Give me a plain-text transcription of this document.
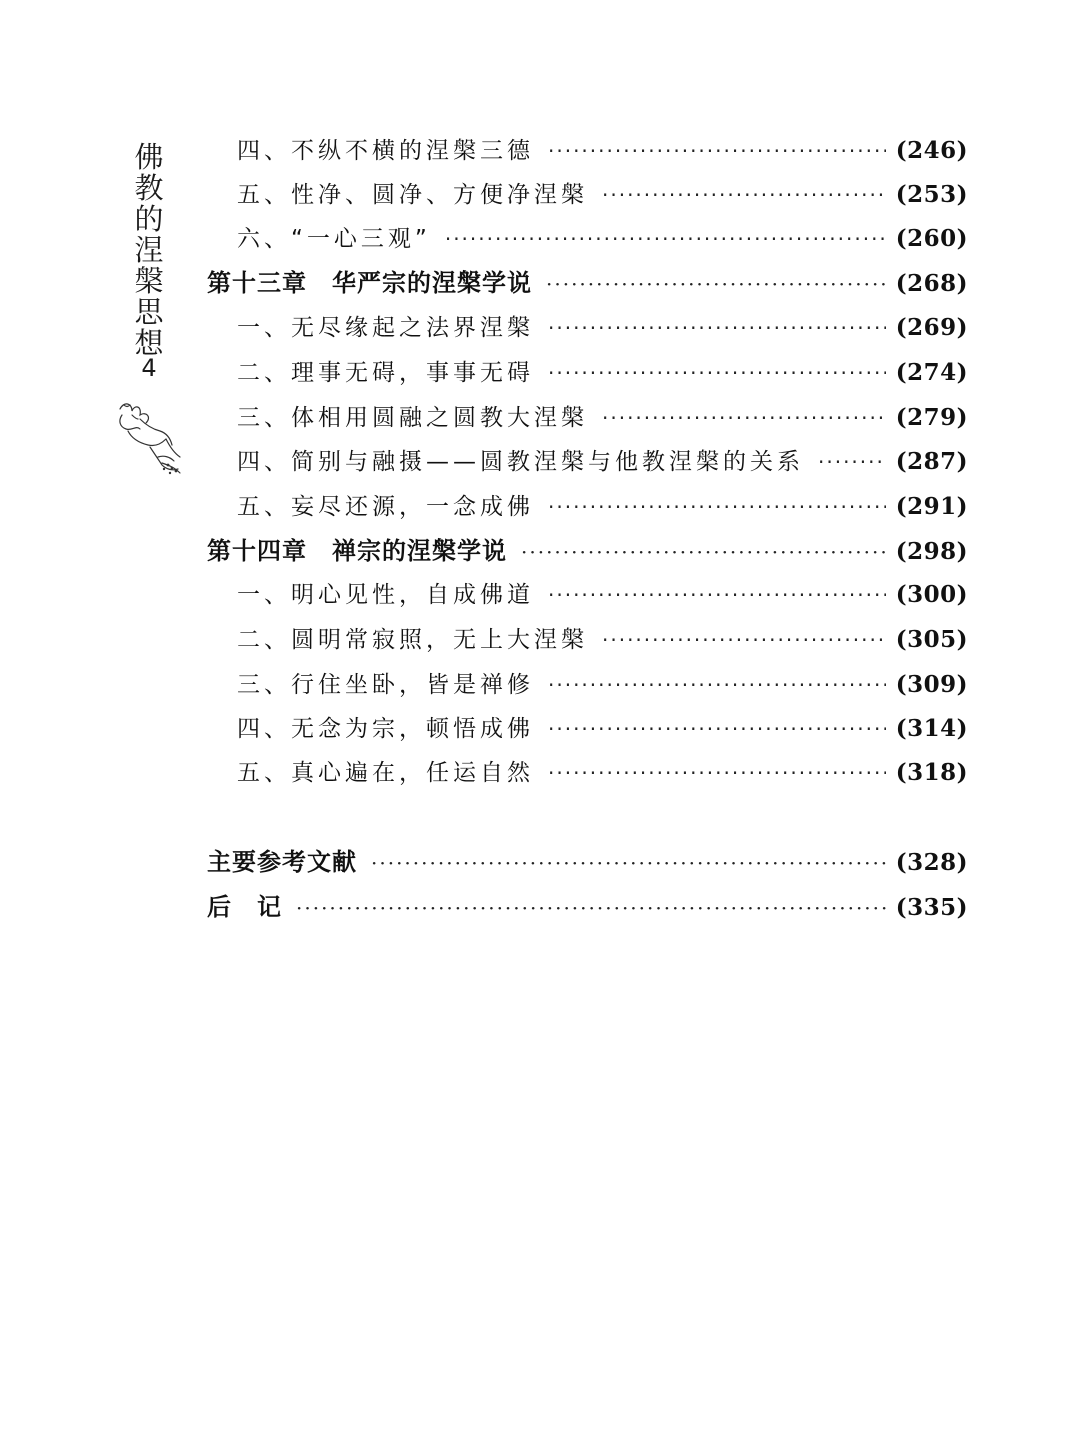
佛
教
的
涅
槃
思
想
4
四、不纵不横的涅槃三德 ·····	(246)
五、性净、圆净、方便净涅槃 ·····	(253)
六、“一心三观” ·····	(260)
第十三章　华严宗的涅槃学说 ·····	(268)
一、无尽缘起之法界涅槃 ·····	(269)
二、理事无碍，事事无碍 ·····	(274)
三、体相用圆融之圆教大涅槃 ·····	(279)
四、简别与融摄——圆教涅槃与他教涅槃的关系 ·····	(287)
五、妄尽还源，一念成佛 ·····	(291)
第十四章　禅宗的涅槃学说 ·····	(298)
一、明心见性，自成佛道 ·····	(300)
二、圆明常寂照，无上大涅槃 ·····	(305)
三、行住坐卧，皆是禅修 ·····	(309)
四、无念为宗，顿悟成佛 ·····	(314)
五、真心遍在，任运自然 ·····	(318)
主要参考文献 ·····	(328)
后　记 ·····	(335)
